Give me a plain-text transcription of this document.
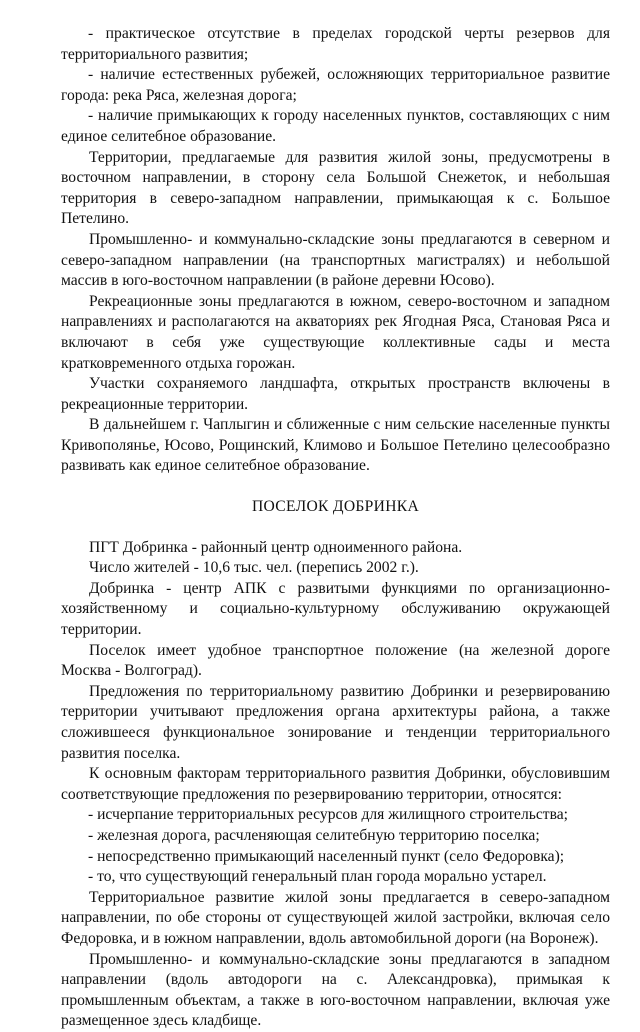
- практическое отсутствие в пределах городской черты резервов для территориального развития;

- наличие естественных рубежей, осложняющих территориальное развитие города: река Ряса, железная дорога;

- наличие примыкающих к городу населенных пунктов, составляющих с ним единое селитебное образование.

Территории, предлагаемые для развития жилой зоны, предусмотрены в восточном направлении, в сторону села Большой Снежеток, и небольшая территория в северо-западном направлении, примыкающая к с. Большое Петелино.

Промышленно- и коммунально-складские зоны предлагаются в северном и северо-западном направлении (на транспортных магистралях) и небольшой массив в юго-восточном направлении (в районе деревни Юсово).

Рекреационные зоны предлагаются в южном, северо-восточном и западном направлениях и располагаются на акваториях рек Ягодная Ряса, Становая Ряса и включают в себя уже существующие коллективные сады и места кратковременного отдыха горожан.

Участки сохраняемого ландшафта, открытых пространств включены в рекреационные территории.

В дальнейшем г. Чаплыгин и сближенные с ним сельские населенные пункты Кривополянье, Юсово, Рощинский, Климово и Большое Петелино целесообразно развивать как единое селитебное образование.

ПОСЕЛОК ДОБРИНКА

ПГТ Добринка - районный центр одноименного района.

Число жителей - 10,6 тыс. чел. (перепись 2002 г.).

Добринка - центр АПК с развитыми функциями по организационно-хозяйственному и социально-культурному обслуживанию окружающей территории.

Поселок имеет удобное транспортное положение (на железной дороге Москва - Волгоград).

Предложения по территориальному развитию Добринки и резервированию территории учитывают предложения органа архитектуры района, а также сложившееся функциональное зонирование и тенденции территориального развития поселка.

К основным факторам территориального развития Добринки, обусловившим соответствующие предложения по резервированию территории, относятся:

- исчерпание территориальных ресурсов для жилищного строительства;

- железная дорога, расчленяющая селитебную территорию поселка;

- непосредственно примыкающий населенный пункт (село Федоровка);

- то, что существующий генеральный план города морально устарел.

Территориальное развитие жилой зоны предлагается в северо-западном направлении, по обе стороны от существующей жилой застройки, включая село Федоровка, и в южном направлении, вдоль автомобильной дороги (на Воронеж).

Промышленно- и коммунально-складские зоны предлагаются в западном направлении (вдоль автодороги на с. Александровка), примыкая к промышленным объектам, а также в юго-восточном направлении, включая уже размещенное здесь кладбище.
